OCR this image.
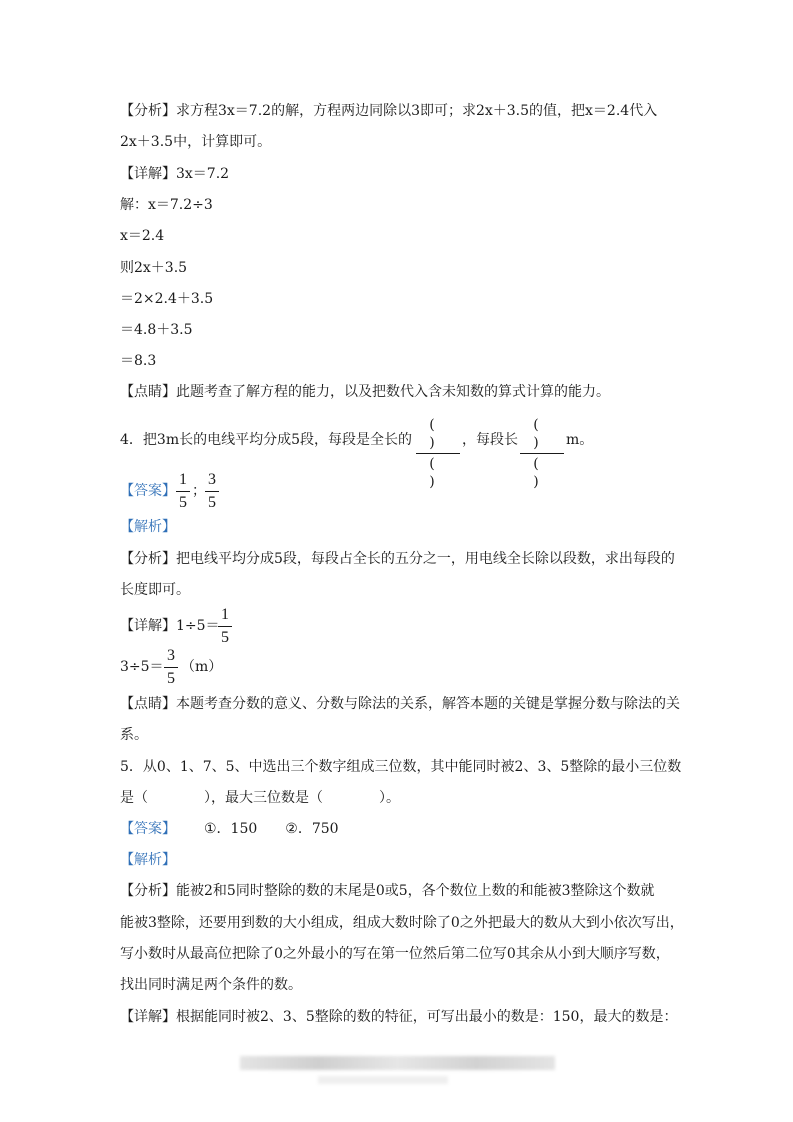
【分析】求方程3x＝7.2的解，方程两边同除以3即可；求2x＋3.5的值，把x＝2.4代入
2x＋3.5中，计算即可。
【详解】3x＝7.2
解：x＝7.2÷3
x＝2.4
则2x＋3.5
＝2×2.4＋3.5
＝4.8＋3.5
＝8.3
【点睛】此题考查了解方程的能力，以及把数代入含未知数的算式计算的能力。
4．把3m长的电线平均分成5段，每段是全长的
( )
( )
，每段长
( )
( )
m。
【答案】
1
5
；
3
5
【解析】
【分析】把电线平均分成5段，每段占全长的五分之一，用电线全长除以段数，求出每段的
长度即可。
【详解】1÷5＝
1
5
3÷5＝
3
5
（m）
【点睛】本题考查分数的意义、分数与除法的关系，解答本题的关键是掌握分数与除法的关
系。
5．从0、1、7、5、中选出三个数字组成三位数，其中能同时被2、3、5整除的最小三位数
是（　　　　），最大三位数是（　　　　）。
【答案】 ①．150　　②．750
【解析】
【分析】能被2和5同时整除的数的末尾是0或5，各个数位上数的和能被3整除这个数就
能被3整除，还要用到数的大小组成，组成大数时除了0之外把最大的数从大到小依次写出，
写小数时从最高位把除了0之外最小的写在第一位然后第二位写0其余从小到大顺序写数，
找出同时满足两个条件的数。
【详解】根据能同时被2、3、5整除的数的特征，可写出最小的数是：150，最大的数是：
